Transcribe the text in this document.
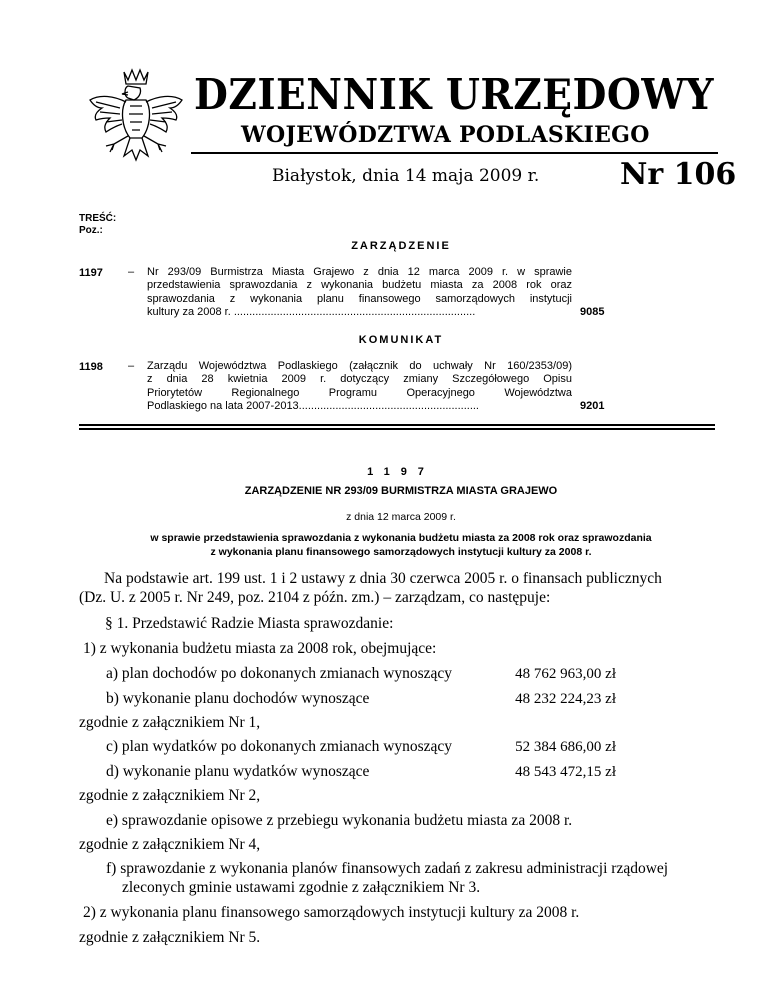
DZIENNIK URZĘDOWY
WOJEWÓDZTWA PODLASKIEGO
Białystok, dnia 14 maja 2009 r.	Nr 106
TREŚĆ:
Poz.:
ZARZĄDZENIE
1197 – Nr 293/09 Burmistrza Miasta Grajewo z dnia 12 marca 2009 r. w sprawie
przedstawienia sprawozdania z wykonania budżetu miasta za 2008 rok oraz
sprawozdania z wykonania planu finansowego samorządowych instytucji
kultury za 2008 r. ...............................................................................	9085
KOMUNIKAT
1198 – Zarządu Województwa Podlaskiego (załącznik do uchwały Nr 160/2353/09)
z dnia 28 kwietnia 2009 r. dotyczący zmiany Szczegółowego Opisu
Priorytetów Regionalnego Programu Operacyjnego Województwa
Podlaskiego na lata 2007-2013...........................................................	9201
1197
ZARZĄDZENIE NR 293/09 BURMISTRZA MIASTA GRAJEWO
z dnia 12 marca 2009 r.
w sprawie przedstawienia sprawozdania z wykonania budżetu miasta za 2008 rok oraz sprawozdania
z wykonania planu finansowego samorządowych instytucji kultury za 2008 r.
Na podstawie art. 199 ust. 1 i 2 ustawy z dnia 30 czerwca 2005 r. o finansach publicznych
(Dz. U. z 2005 r. Nr 249, poz. 2104 z późn. zm.) – zarządzam, co następuje:
§ 1. Przedstawić Radzie Miasta sprawozdanie:
1) z wykonania budżetu miasta za 2008 rok, obejmujące:
a) plan dochodów po dokonanych zmianach wynoszący	48 762 963,00 zł
b) wykonanie planu dochodów wynoszące	48 232 224,23 zł
zgodnie z załącznikiem Nr 1,
c) plan wydatków po dokonanych zmianach wynoszący	52 384 686,00 zł
d) wykonanie planu wydatków wynoszące	48 543 472,15 zł
zgodnie z załącznikiem Nr 2,
e) sprawozdanie opisowe z przebiegu wykonania budżetu miasta za 2008 r.
zgodnie z załącznikiem Nr 4,
f) sprawozdanie z wykonania planów finansowych zadań z zakresu administracji rządowej
zleconych gminie ustawami zgodnie z załącznikiem Nr 3.
2) z wykonania planu finansowego samorządowych instytucji kultury za 2008 r.
zgodnie z załącznikiem Nr 5.
